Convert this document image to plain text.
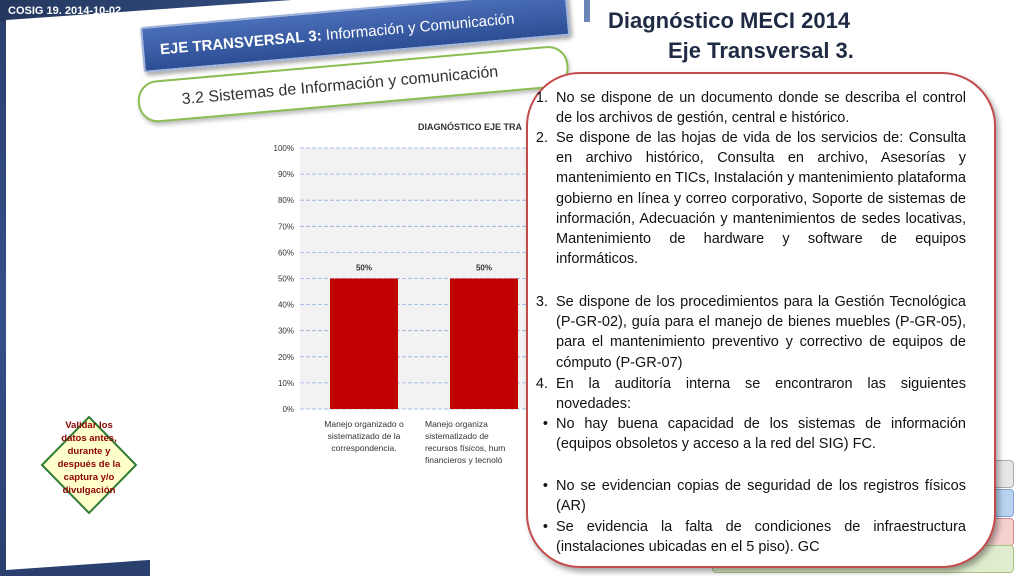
COSIG 19. 2014-10-02	Diagnóstico MECI 2014
Eje Transversal 3.
EJE TRANSVERSAL 3: Información y Comunicación
3.2 Sistemas de Información y comunicación
DIAGNÓSTICO EJE TRA
0%
10%
20%
30%
40%
50%
60%
70%
80%
90%
100%
50%	50%
Manejo organizado o
sistematizado de la
correspondencia.
Manejo organiza
sistematizado de
recursos físicos, hum
financieros y tecnoló
Validar los datos antes, durante y después de la captura y/o divulgación
1. No se dispone de un documento donde se describa el control de los archivos de gestión, central e histórico.
2. Se dispone de las hojas de vida de los servicios de: Consulta en archivo histórico, Consulta en archivo, Asesorías y mantenimiento en TICs, Instalación y mantenimiento plataforma gobierno en línea y correo corporativo, Soporte de sistemas de información, Adecuación y mantenimientos de sedes locativas, Mantenimiento de hardware y software de equipos informáticos.
3. Se dispone de los procedimientos para la Gestión Tecnológica (P-GR-02), guía para el manejo de bienes muebles (P-GR-05), para el mantenimiento preventivo y correctivo de equipos de cómputo (P-GR-07)
4. En la auditoría interna se encontraron las siguientes novedades:
• No hay buena capacidad de los sistemas de información (equipos obsoletos y acceso a la red del SIG) FC.
• No se evidencian copias de seguridad de los registros físicos (AR)
• Se evidencia la falta de condiciones de infraestructura (instalaciones ubicadas en el 5 piso). GC
